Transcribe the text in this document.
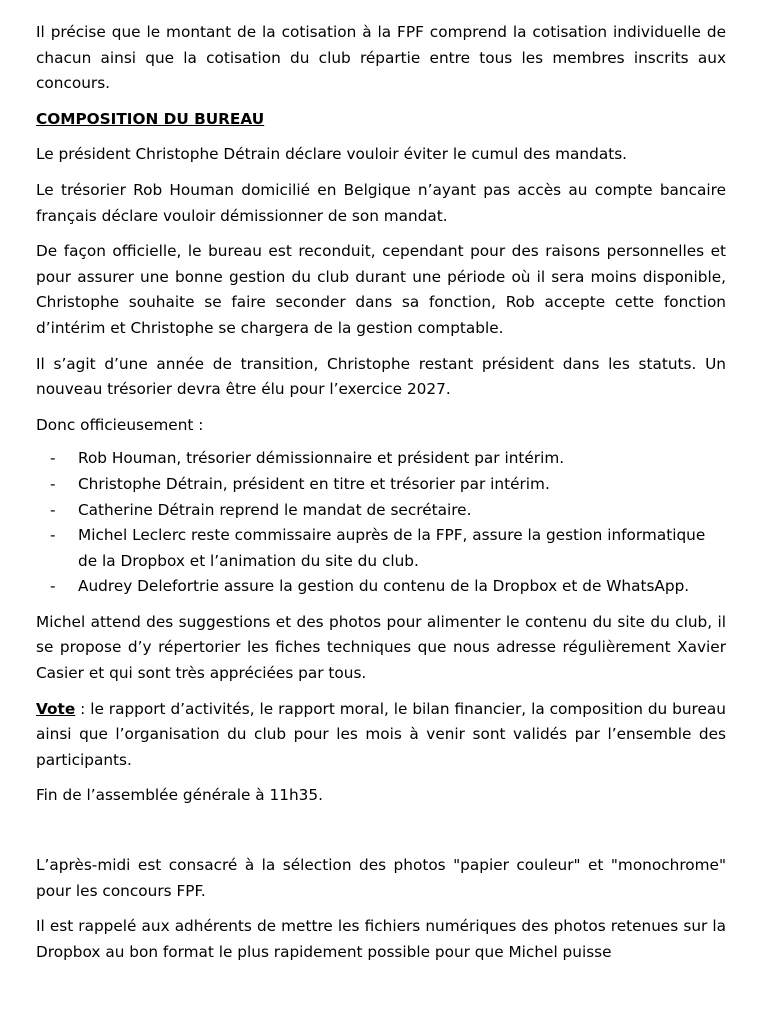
Il précise que le montant de la cotisation à la FPF comprend la cotisation individuelle de chacun ainsi que la cotisation du club répartie entre tous les membres inscrits aux concours.

COMPOSITION DU BUREAU

Le président Christophe Détrain déclare vouloir éviter le cumul des mandats.

Le trésorier Rob Houman domicilié en Belgique n’ayant pas accès au compte bancaire français déclare vouloir démissionner de son mandat.

De façon officielle, le bureau est reconduit, cependant pour des raisons personnelles et pour assurer une bonne gestion du club durant une période où il sera moins disponible, Christophe souhaite se faire seconder dans sa fonction, Rob accepte cette fonction d’intérim et Christophe se chargera de la gestion comptable.

Il s’agit d’une année de transition, Christophe restant président dans les statuts. Un nouveau trésorier devra être élu pour l’exercice 2027.

Donc officieusement :

- Rob Houman, trésorier démissionnaire et président par intérim.
- Christophe Détrain, président en titre et trésorier par intérim.
- Catherine Détrain reprend le mandat de secrétaire.
- Michel Leclerc reste commissaire auprès de la FPF, assure la gestion informatique de la Dropbox et l’animation du site du club.
- Audrey Delefortrie assure la gestion du contenu de la Dropbox et de WhatsApp.

Michel attend des suggestions et des photos pour alimenter le contenu du site du club, il se propose d’y répertorier les fiches techniques que nous adresse régulièrement Xavier Casier et qui sont très appréciées par tous.

Vote : le rapport d’activités, le rapport moral, le bilan financier, la composition du bureau ainsi que l’organisation du club pour les mois à venir sont validés par l’ensemble des participants.

Fin de l’assemblée générale à 11h35.

L’après-midi est consacré à la sélection des photos "papier couleur" et "monochrome" pour les concours FPF.

Il est rappelé aux adhérents de mettre les fichiers numériques des photos retenues sur la Dropbox au bon format le plus rapidement possible pour que Michel puisse
